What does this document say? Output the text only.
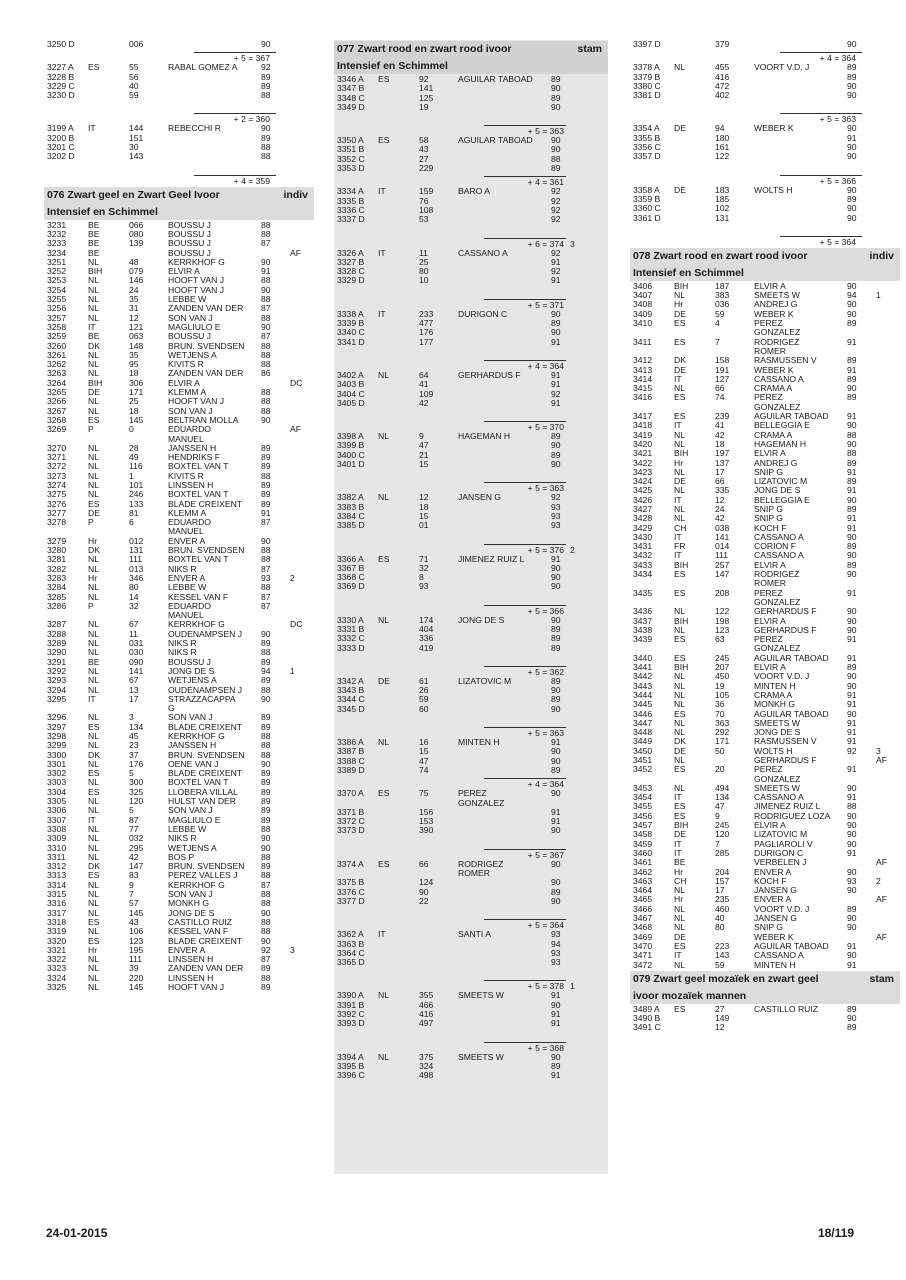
3250 D	006	90
+ 5 = 367
3227 A ES	55	RABAL GOMEZ A	92
3228 B	56	89
3229 C	40	89
3230 D	59	88
+ 2 = 360
3199 A IT	144	REBECCHI R	90
3200 B	151	89
3201 C	30	88
3202 D	143	88
+ 4 = 359
076 Zwart geel en Zwart Geel Ivoor	indiv
Intensief en Schimmel
3231	BE	066	BOUSSU J	88
3232	BE	080	BOUSSU J	88
3233	BE	139	BOUSSU J	87
3234	BE	BOUSSU J	AF
3251	NL	48	KERRKHOF G	90
3252	BIH	079	ELVIR A	91
3253	NL	146	HOOFT VAN J	88
3254	NL	24	HOOFT VAN J	90
3255	NL	35	LEBBE W	88
3256	NL	31	ZANDEN VAN DER 87
3257	NL	12	SON VAN J	88
3258	IT	121	MAGLIULO E	90
3259	BE	063	BOUSSU J	87
3260	DK	148	BRUN. SVENDSEN 88
3261	NL	35	WETJENS A	88
3262	NL	95	KIVITS R	88
3263	NL	18	ZANDEN VAN DER 86
3264	BIH	306	ELVIR A	DC
3265	DE	171	KLEMM A	88
3266	NL	25	HOOFT VAN J	88
3267	NL	18	SON VAN J	88
3268	ES	145	BELTRAN MOLLA	90
3269	P	0	EDUARDO	AF
MANUEL
3270	NL	28	JANSSEN H	89
3271	NL	49	HENDRIKS F	89
3272	NL	116	BOXTEL VAN T	89
3273	NL	1	KIVITS R	88
3274	NL	101	LINSSEN H	89
3275	NL	246	BOXTEL VAN T	89
3276	ES	133	BLADE CREIXENT 89
3277	DE	81	KLEMM A	91
3278	P	6	EDUARDO	87
MANUEL
3279	Hr	012	ENVER A	90
3280	DK	131	BRUN. SVENDSEN 88
3281	NL	111	BOXTEL VAN T	88
3282	NL	013	NIKS R	87
3283	Hr	346	ENVER A	93 2
3284	NL	80	LEBBE W	88
3285	NL	14	KESSEL VAN F	87
3286	P	32	EDUARDO	87
MANUEL
3287	NL	67	KERRKHOF G	DC
3288	NL	11	OUDENAMPSEN J 90
3289	NL	031	NIKS R	89
3290	NL	030	NIKS R	88
3291	BE	090	BOUSSU J	89
3292	NL	141	JONG DE S	94 1
3293	NL	67	WETJENS A	89
3294	NL	13	OUDENAMPSEN J 88
3295	IT	17	STRAZZACAPPA	90
G
3296	NL	3	SON VAN J	89
3297	ES	134	BLADE CREIXENT 89
3298	NL	45	KERRKHOF G	88
3299	NL	23	JANSSEN H	88
3300	DK	37	BRUN. SVENDSEN 88
3301	NL	176	OENE VAN J	90
3302	ES	5	BLADE CREIXENT 89
3303	NL	300	BOXTEL VAN T	89
3304	ES	325	LLOBERA VILLAL	89
3305	NL	120	HULST VAN DER	89
3306	NL	5	SON VAN J	89
3307	IT	87	MAGLIULO E	89
3308	NL	77	LEBBE W	88
3309	NL	032	NIKS R	90
3310	NL	295	WETJENS A	90
3311	NL	42	BOS P	88
3312	DK	147	BRUN. SVENDSEN 89
3313	ES	83	PEREZ VALLES J	88
3314	NL	9	KERRKHOF G	87
3315	NL	7	SON VAN J	88
3316	NL	57	MONKH G	88
3317	NL	145	JONG DE S	90
3318	ES	43	CASTILLO RUIZ	88
3319	NL	106	KESSEL VAN F	88
3320	ES	123	BLADE CREIXENT 90
3321	Hr	195	ENVER A	92 3
3322	NL	111	LINSSEN H	87
3323	NL	39	ZANDEN VAN DER 89
3324	NL	220	LINSSEN H	88
3325	NL	145	HOOFT VAN J	89
077 Zwart rood en zwart rood ivoor	stam
Intensief en Schimmel
3346 A ES	92	AGUILAR TABOAD 89
3347 B	141	90
3348 C	125	89
3349 D	19	90
+ 5 = 363
3350 A ES	58	AGUILAR TABOAD 90
3351 B	43	90
3352 C	27	88
3353 D	229	89
+ 4 = 361
3334 A IT	159	BARO A	92
3335 B	76	92
3336 C	108	92
3337 D	53	92
+ 6 = 374 3
3326 A IT	11	CASSANO A	92
3327 B	25	91
3328 C	80	92
3329 D	10	91
+ 5 = 371
3338 A IT	233	DURIGON C	90
3339 B	477	89
3340 C	176	90
3341 D	177	91
+ 4 = 364
3402 A NL	64	GERHARDUS F	91
3403 B	41	91
3404 C	109	92
3405 D	42	91
+ 5 = 370
3398 A NL	9	HAGEMAN H	89
3399 B	47	90
3400 C	21	89
3401 D	15	90
+ 5 = 363
3382 A NL	12	JANSEN G	92
3383 B	18	93
3384 C	15	93
3385 D	01	93
+ 5 = 376 2
3366 A ES	71	JIMENEZ RUIZ L	91
3367 B	32	90
3368 C	8	90
3369 D	93	90
+ 5 = 366
3330 A NL	174	JONG DE S	90
3331 B	404	89
3332 C	336	89
3333 D	419	89
+ 5 = 362
3342 A DE	61	LIZATOVIC M	89
3343 B	26	90
3344 C	59	89
3345 D	60	90
+ 5 = 363
3386 A NL	16	MINTEN H	91
3387 B	15	90
3388 C	47	90
3389 D	74	89
+ 4 = 364
3370 A ES	75	PEREZ	90
GONZALEZ
3371 B	156	91
3372 C	153	91
3373 D	390	90
+ 5 = 367
3374 A ES	66	RODRIGEZ	90
ROMER
3375 B	124	90
3376 C	90	89
3377 D	22	90
+ 5 = 364
3362 A IT	SANTI A	93
3363 B	94
3364 C	93
3365 D	93
+ 5 = 378 1
3390 A NL	355	SMEETS W	91
3391 B	466	90
3392 C	416	91
3393 D	497	91
+ 5 = 368
3394 A NL	375	SMEETS W	90
3395 B	324	89
3396 C	498	91
3397 D	379	90
+ 4 = 364
3378 A NL	455	VOORT V.D. J	89
3379 B	416	89
3380 C	472	90
3381 D	402	90
+ 5 = 363
3354 A DE	94	WEBER K	90
3355 B	180	91
3356 C	161	90
3357 D	122	90
+ 5 = 366
3358 A DE	183	WOLTS H	90
3359 B	185	89
3360 C	102	90
3361 D	131	90
+ 5 = 364
078 Zwart rood en zwart rood ivoor	indiv
Intensief en Schimmel
3406	BIH	187	ELVIR A	90
3407	NL	383	SMEETS W	94 1
3408	Hr	036	ANDREJ G	90
3409	DE	59	WEBER K	90
3410	ES	4	PEREZ	89
GONZALEZ
3411	ES	7	RODRIGEZ	91
ROMER
3412	DK	158	RASMUSSEN V	89
3413	DE	191	WEBER K	91
3414	IT	127	CASSANO A	89
3415	NL	66	CRAMA A	90
3416	ES	74	PEREZ	89
GONZALEZ
3417	ES	239	AGUILAR TABOAD 91
3418	IT	41	BELLEGGIA E	90
3419	NL	42	CRAMA A	88
3420	NL	18	HAGEMAN H	90
3421	BIH	197	ELVIR A	88
3422	Hr	137	ANDREJ G	89
3423	NL	17	SNIP G	91
3424	DE	66	LIZATOVIC M	89
3425	NL	335	JONG DE S	91
3426	IT	12	BELLEGGIA E	90
3427	NL	24	SNIP G	89
3428	NL	42	SNIP G	91
3429	CH	038	KOCH F	91
3430	IT	141	CASSANO A	90
3431	FR	014	CORION F	89
3432	IT	111	CASSANO A	90
3433	BIH	257	ELVIR A	89
3434	ES	147	RODRIGEZ	90
ROMER
3435	ES	208	PEREZ	91
GONZALEZ
3436	NL	122	GERHARDUS F	90
3437	BIH	198	ELVIR A	90
3438	NL	123	GERHARDUS F	90
3439	ES	63	PEREZ	91
GONZALEZ
3440	ES	245	AGUILAR TABOAD 91
3441	BIH	207	ELVIR A	89
3442	NL	450	VOORT V.D. J	90
3443	NL	19	MINTEN H	90
3444	NL	105	CRAMA A	91
3445	NL	36	MONKH G	91
3446	ES	70	AGUILAR TABOAD 90
3447	NL	363	SMEETS W	91
3448	NL	292	JONG DE S	91
3449	DK	171	RASMUSSEN V	91
3450	DE	50	WOLTS H	92 3
3451	NL	GERHARDUS F	AF
3452	ES	20	PEREZ	91
GONZALEZ
3453	NL	494	SMEETS W	90
3454	IT	134	CASSANO A	91
3455	ES	47	JIMENEZ RUIZ L	88
3456	ES	9	RODRIGUEZ LOZA 90
3457	BIH	245	ELVIR A	90
3458	DE	120	LIZATOVIC M	90
3459	IT	7	PAGLIAROLI V	90
3460	IT	285	DURIGON C	91
3461	BE	VERBELEN J	AF
3462	Hr	204	ENVER A	90
3463	CH	157	KOCH F	93 2
3464	NL	17	JANSEN G	90
3465	Hr	235	ENVER A	AF
3466	NL	460	VOORT V.D. J	89
3467	NL	40	JANSEN G	90
3468	NL	80	SNIP G	90
3469	DE	WEBER K	AF
3470	ES	223	AGUILAR TABOAD 91
3471	IT	143	CASSANO A	90
3472	NL	59	MINTEN H	91
079 Zwart geel mozaïek en zwart geel	stam
ivoor mozaïek mannen
3489 A ES	27	CASTILLO RUIZ	89
3490 B	149	90
3491 C	12	89
24-01-2015	18/119
